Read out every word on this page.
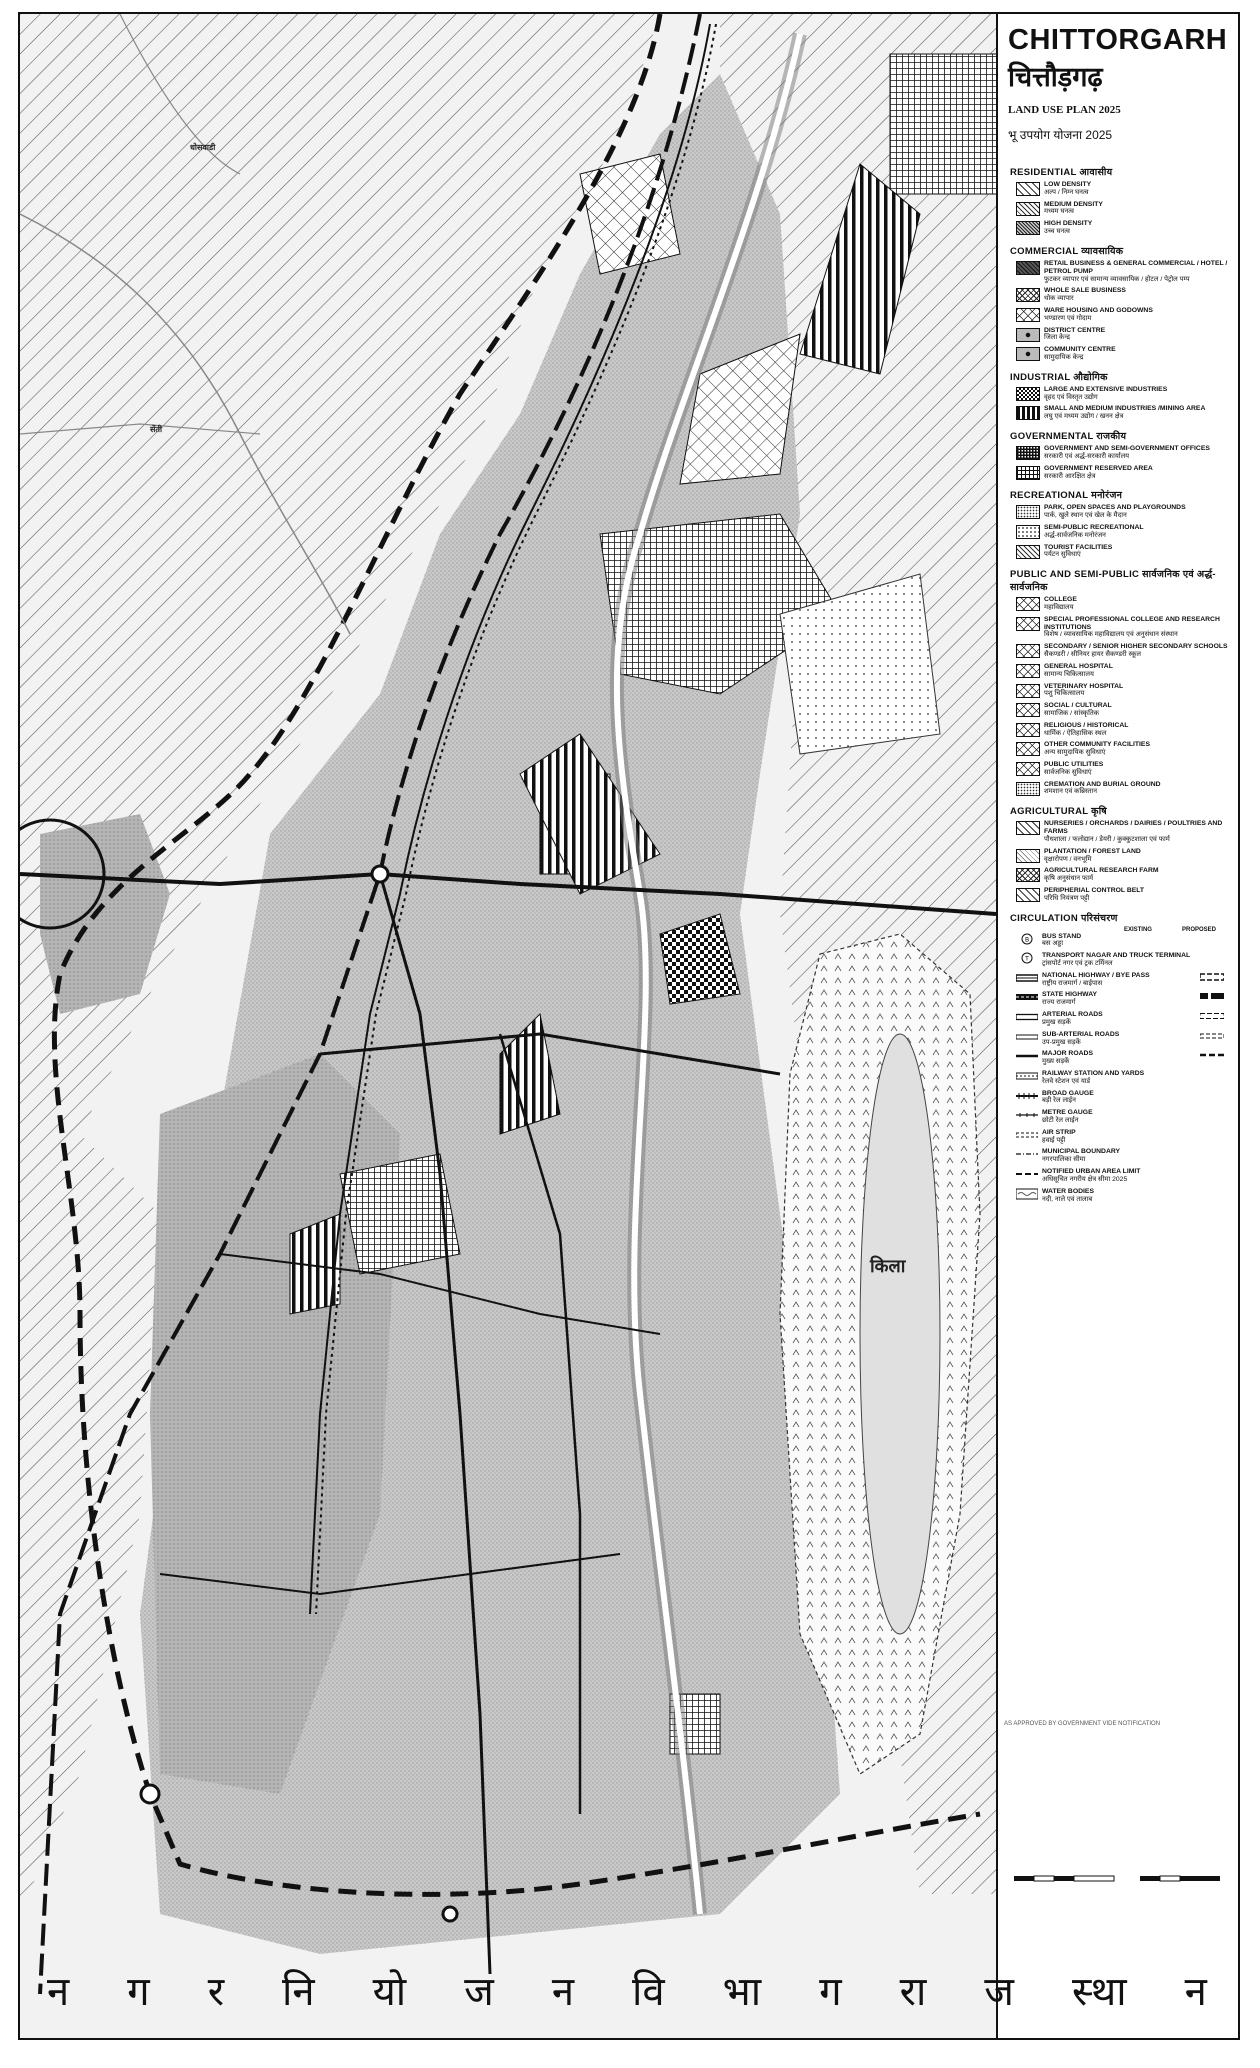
धोसवाडी
सेंती
किला
CHITTORGARH
चित्तौड़गढ़
LAND USE PLAN 2025
भू उपयोग योजना 2025
RESIDENTIAL आवासीय
LOW DENSITY
अल्प / निम्न घनत्व
MEDIUM DENSITY
मध्यम घनत्व
HIGH DENSITY
उच्च घनत्व
COMMERCIAL व्यावसायिक
RETAIL BUSINESS & GENERAL COMMERCIAL / HOTEL / PETROL PUMP
फुटकर व्यापार एवं सामान्य व्यावसायिक / होटल / पेट्रोल पम्प
WHOLE SALE BUSINESS
थोक व्यापार
WARE HOUSING AND GODOWNS
भण्डारण एवं गोदाम
DISTRICT CENTRE
जिला केन्द्र
COMMUNITY CENTRE
सामुदायिक केन्द्र
INDUSTRIAL औद्योगिक
LARGE AND EXTENSIVE INDUSTRIES
वृहद एवं विस्तृत उद्योग
SMALL AND MEDIUM INDUSTRIES /MINING AREA
लघु एवं मध्यम उद्योग / खनन क्षेत्र
GOVERNMENTAL राजकीय
GOVERNMENT AND SEMI-GOVERNMENT OFFICES
सरकारी एवं अर्द्ध-सरकारी कार्यालय
GOVERNMENT RESERVED AREA
सरकारी आरक्षित क्षेत्र
RECREATIONAL मनोरंजन
PARK, OPEN SPACES AND PLAYGROUNDS
पार्क, खुले स्थान एवं खेल के मैदान
SEMI-PUBLIC RECREATIONAL
अर्द्ध-सार्वजनिक मनोरंजन
TOURIST FACILITIES
पर्यटन सुविधाएं
PUBLIC AND SEMI-PUBLIC सार्वजनिक एवं अर्द्ध-सार्वजनिक
COLLEGE
महाविद्यालय
SPECIAL PROFESSIONAL COLLEGE AND RESEARCH INSTITUTIONS
विशेष / व्यावसायिक महाविद्यालय एवं अनुसंधान संस्थान
SECONDARY / SENIOR HIGHER SECONDARY SCHOOLS
सैकण्डरी / सीनियर हायर सैकण्डरी स्कूल
GENERAL HOSPITAL
सामान्य चिकित्सालय
VETERINARY HOSPITAL
पशु चिकित्सालय
SOCIAL / CULTURAL
सामाजिक / सांस्कृतिक
RELIGIOUS / HISTORICAL
धार्मिक / ऐतिहासिक स्थल
OTHER COMMUNITY FACILITIES
अन्य सामुदायिक सुविधाएं
PUBLIC UTILITIES
सार्वजनिक सुविधाएं
CREMATION AND BURIAL GROUND
शमशान एवं कब्रिस्तान
AGRICULTURAL कृषि
NURSERIES / ORCHARDS / DAIRIES / POULTRIES AND FARMS
पौधशाला / फलोद्यान / डेयरी / कुक्कुटशाला एवं फार्म
PLANTATION / FOREST LAND
वृक्षारोपण / वनभूमि
AGRICULTURAL RESEARCH FARM
कृषि अनुसंधान फार्म
PERIPHERIAL CONTROL BELT
परिधि नियंत्रण पट्टी
CIRCULATION परिसंचरण
EXISTING	PROPOSED
B BUS STAND
बस अड्डा
T TRANSPORT NAGAR AND TRUCK TERMINAL
ट्रांसपोर्ट नगर एवं ट्रक टर्मिनल
NATIONAL HIGHWAY / BYE PASS
राष्ट्रीय राजमार्ग / बाईपास
STATE HIGHWAY
राज्य राजमार्ग
ARTERIAL ROADS
प्रमुख सड़कें
SUB-ARTERIAL ROADS
उप-प्रमुख सड़कें
MAJOR ROADS
मुख्य सड़कें
RAILWAY STATION AND YARDS
रेलवे स्टेशन एवं यार्ड
BROAD GAUGE
बड़ी रेल लाईन
METRE GAUGE
छोटी रेल लाईन
AIR STRIP
हवाई पट्टी
MUNICIPAL BOUNDARY
नगरपालिका सीमा
NOTIFIED URBAN AREA LIMIT
अधिसूचित नगरीय क्षेत्र सीमा 2025
WATER BODIES
नदी, नाले एवं तालाब
AS APPROVED BY GOVERNMENT VIDE NOTIFICATION
न ग र नि यो ज न वि भा ग रा ज स्था न
